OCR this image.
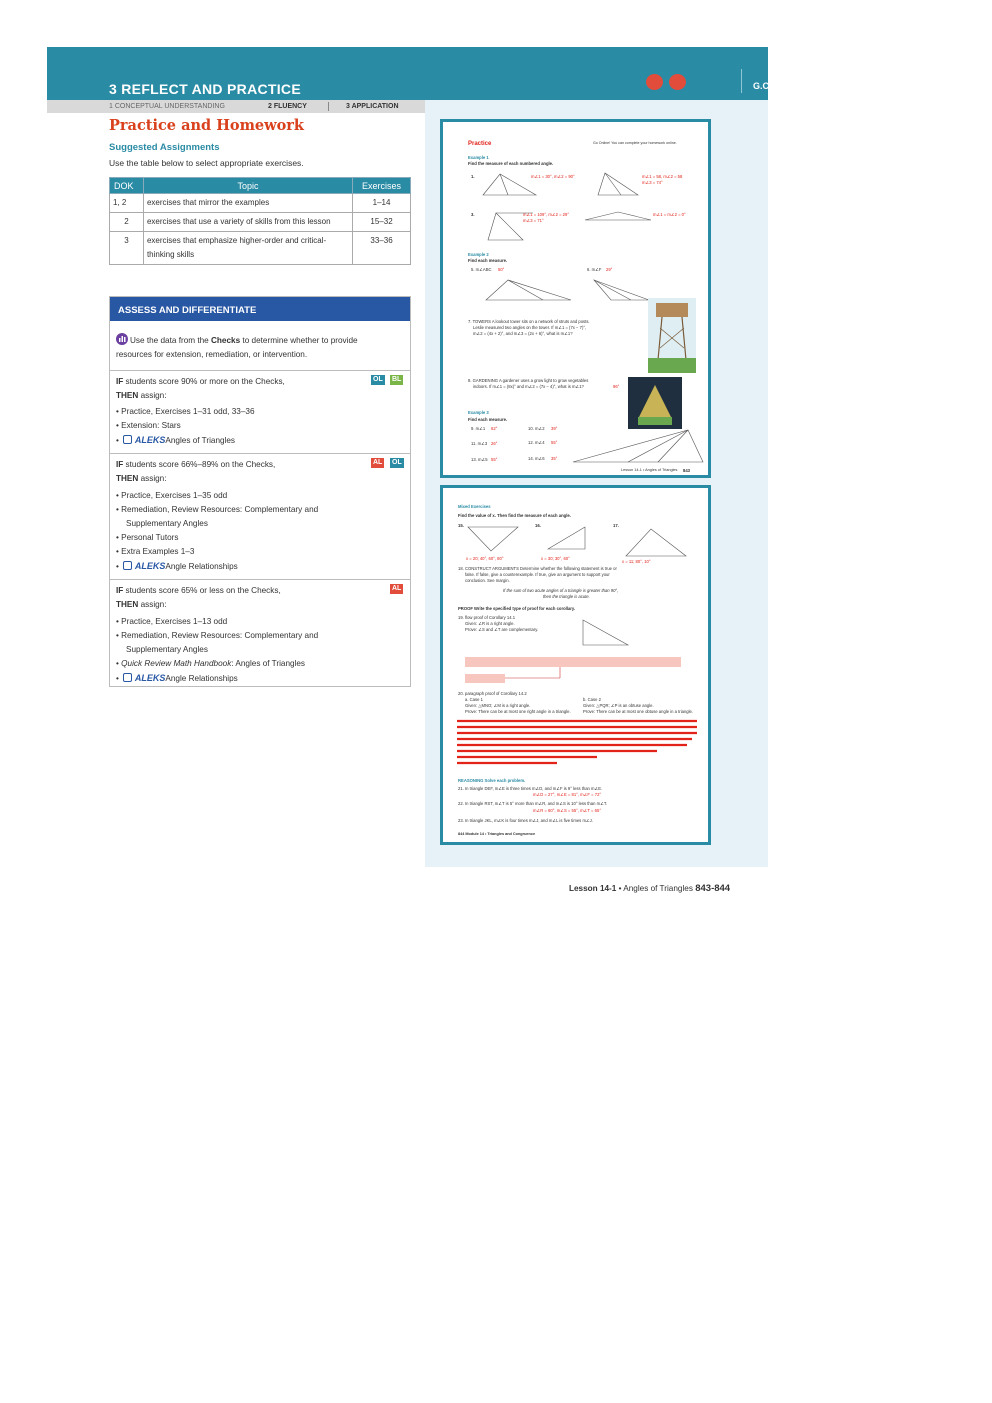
3 REFLECT AND PRACTICE	G.CO.10
1 CONCEPTUAL UNDERSTANDING	2 FLUENCY	3 APPLICATION
Practice	Go Online! You can complete your homework online.
Example 1
Find the measure of each numbered angle.
1.	m∠1 = 30°, m∠2 = 90°	m∠1 = 58, m∠2 = 58
m∠3 = 74°
3.	m∠1 = 109°, m∠2 = 29°
m∠3 = 71°
m∠1 = m∠2 = 0°
Example 2
Find each measure.
5. m∠ABC 50°	6. m∠F 29°
7. TOWERS A lookout tower sits on a network of struts and posts.
Leslie measured two angles on the tower. If m∠1 = (7x − 7)°,
m∠2 = (4x + 2)°, and m∠3 = (2x + 6)°, what is m∠1?
8. GARDENING A gardener uses a grow light to grow vegetables
indoors. If m∠1 = (8x)° and m∠2 = (7x − 4)°, what is m∠1?	96°
Example 3
Find each measure.
9. m∠1 62°	10. m∠2 39°
11. m∠3 26°	12. m∠4 55°
13. m∠5 55°	14. m∠6 35°
Lesson 14-1 • Angles of Triangles 843
Mixed Exercises
Find the value of x. Then find the measure of each angle.
15.	16.	17.
x = 20; 40°, 60°, 80°	x = 30; 30°, 60°
x = 11; 80°, 10°
18. CONSTRUCT ARGUMENTS Determine whether the following statement is true or
false. If false, give a counterexample. If true, give an argument to support your
conclusion. See margin.
If the sum of two acute angles of a triangle is greater than 90°,
then the triangle is acute.
PROOF Write the specified type of proof for each corollary.
19. flow proof of Corollary 14.1
Given: ∠R is a right angle.
Prove: ∠S and ∠T are complementary.
20. paragraph proof of Corollary 14.2
a. Case 1
Given: △MNO; ∠M is a right angle.
Prove: There can be at most one right angle in a triangle.
b. Case 2
Given: △PQR; ∠P is an obtuse angle.
Prove: There can be at most one obtuse angle in a triangle.
REASONING Solve each problem.
21. In triangle DEF, m∠E is three times m∠D, and m∠F is 9° less than m∠E.
m∠D = 27°, m∠E = 81°, m∠F = 72°
22. In triangle RST, m∠T is 5° more than m∠R, and m∠S is 10° less than m∠T.
m∠R = 60°, m∠S = 55°, m∠T = 65°
23. In triangle JKL, m∠K is four times m∠J, and m∠L is five times m∠J.
844 Module 14 • Triangles and Congruence
Practice and Homework
Suggested Assignments
Use the table below to select appropriate exercises.
DOK	Topic	Exercises
1, 2	exercises that mirror the examples	1–14
2	exercises that use a variety of skills from this lesson	15–32
3	exercises that emphasize higher-order and critical-thinking skills	33–36
ASSESS AND DIFFERENTIATE
Use the data from the Checks to determine whether to provide
resources for extension, remediation, or intervention.
IF students score 90% or more on the Checks,	OL BL
THEN assign:
• Practice, Exercises 1–31 odd, 33–36
• Extension: Stars
• ALEKSAngles of Triangles
IF students score 66%–89% on the Checks,	AL OL
THEN assign:
• Practice, Exercises 1–35 odd
• Remediation, Review Resources: Complementary and
Supplementary Angles
• Personal Tutors
• Extra Examples 1–3
• ALEKSAngle Relationships
IF students score 65% or less on the Checks,	AL
THEN assign:
• Practice, Exercises 1–13 odd
• Remediation, Review Resources: Complementary and
Supplementary Angles
• Quick Review Math Handbook: Angles of Triangles
• ALEKSAngle Relationships
Lesson 14-1 • Angles of Triangles 843-844
